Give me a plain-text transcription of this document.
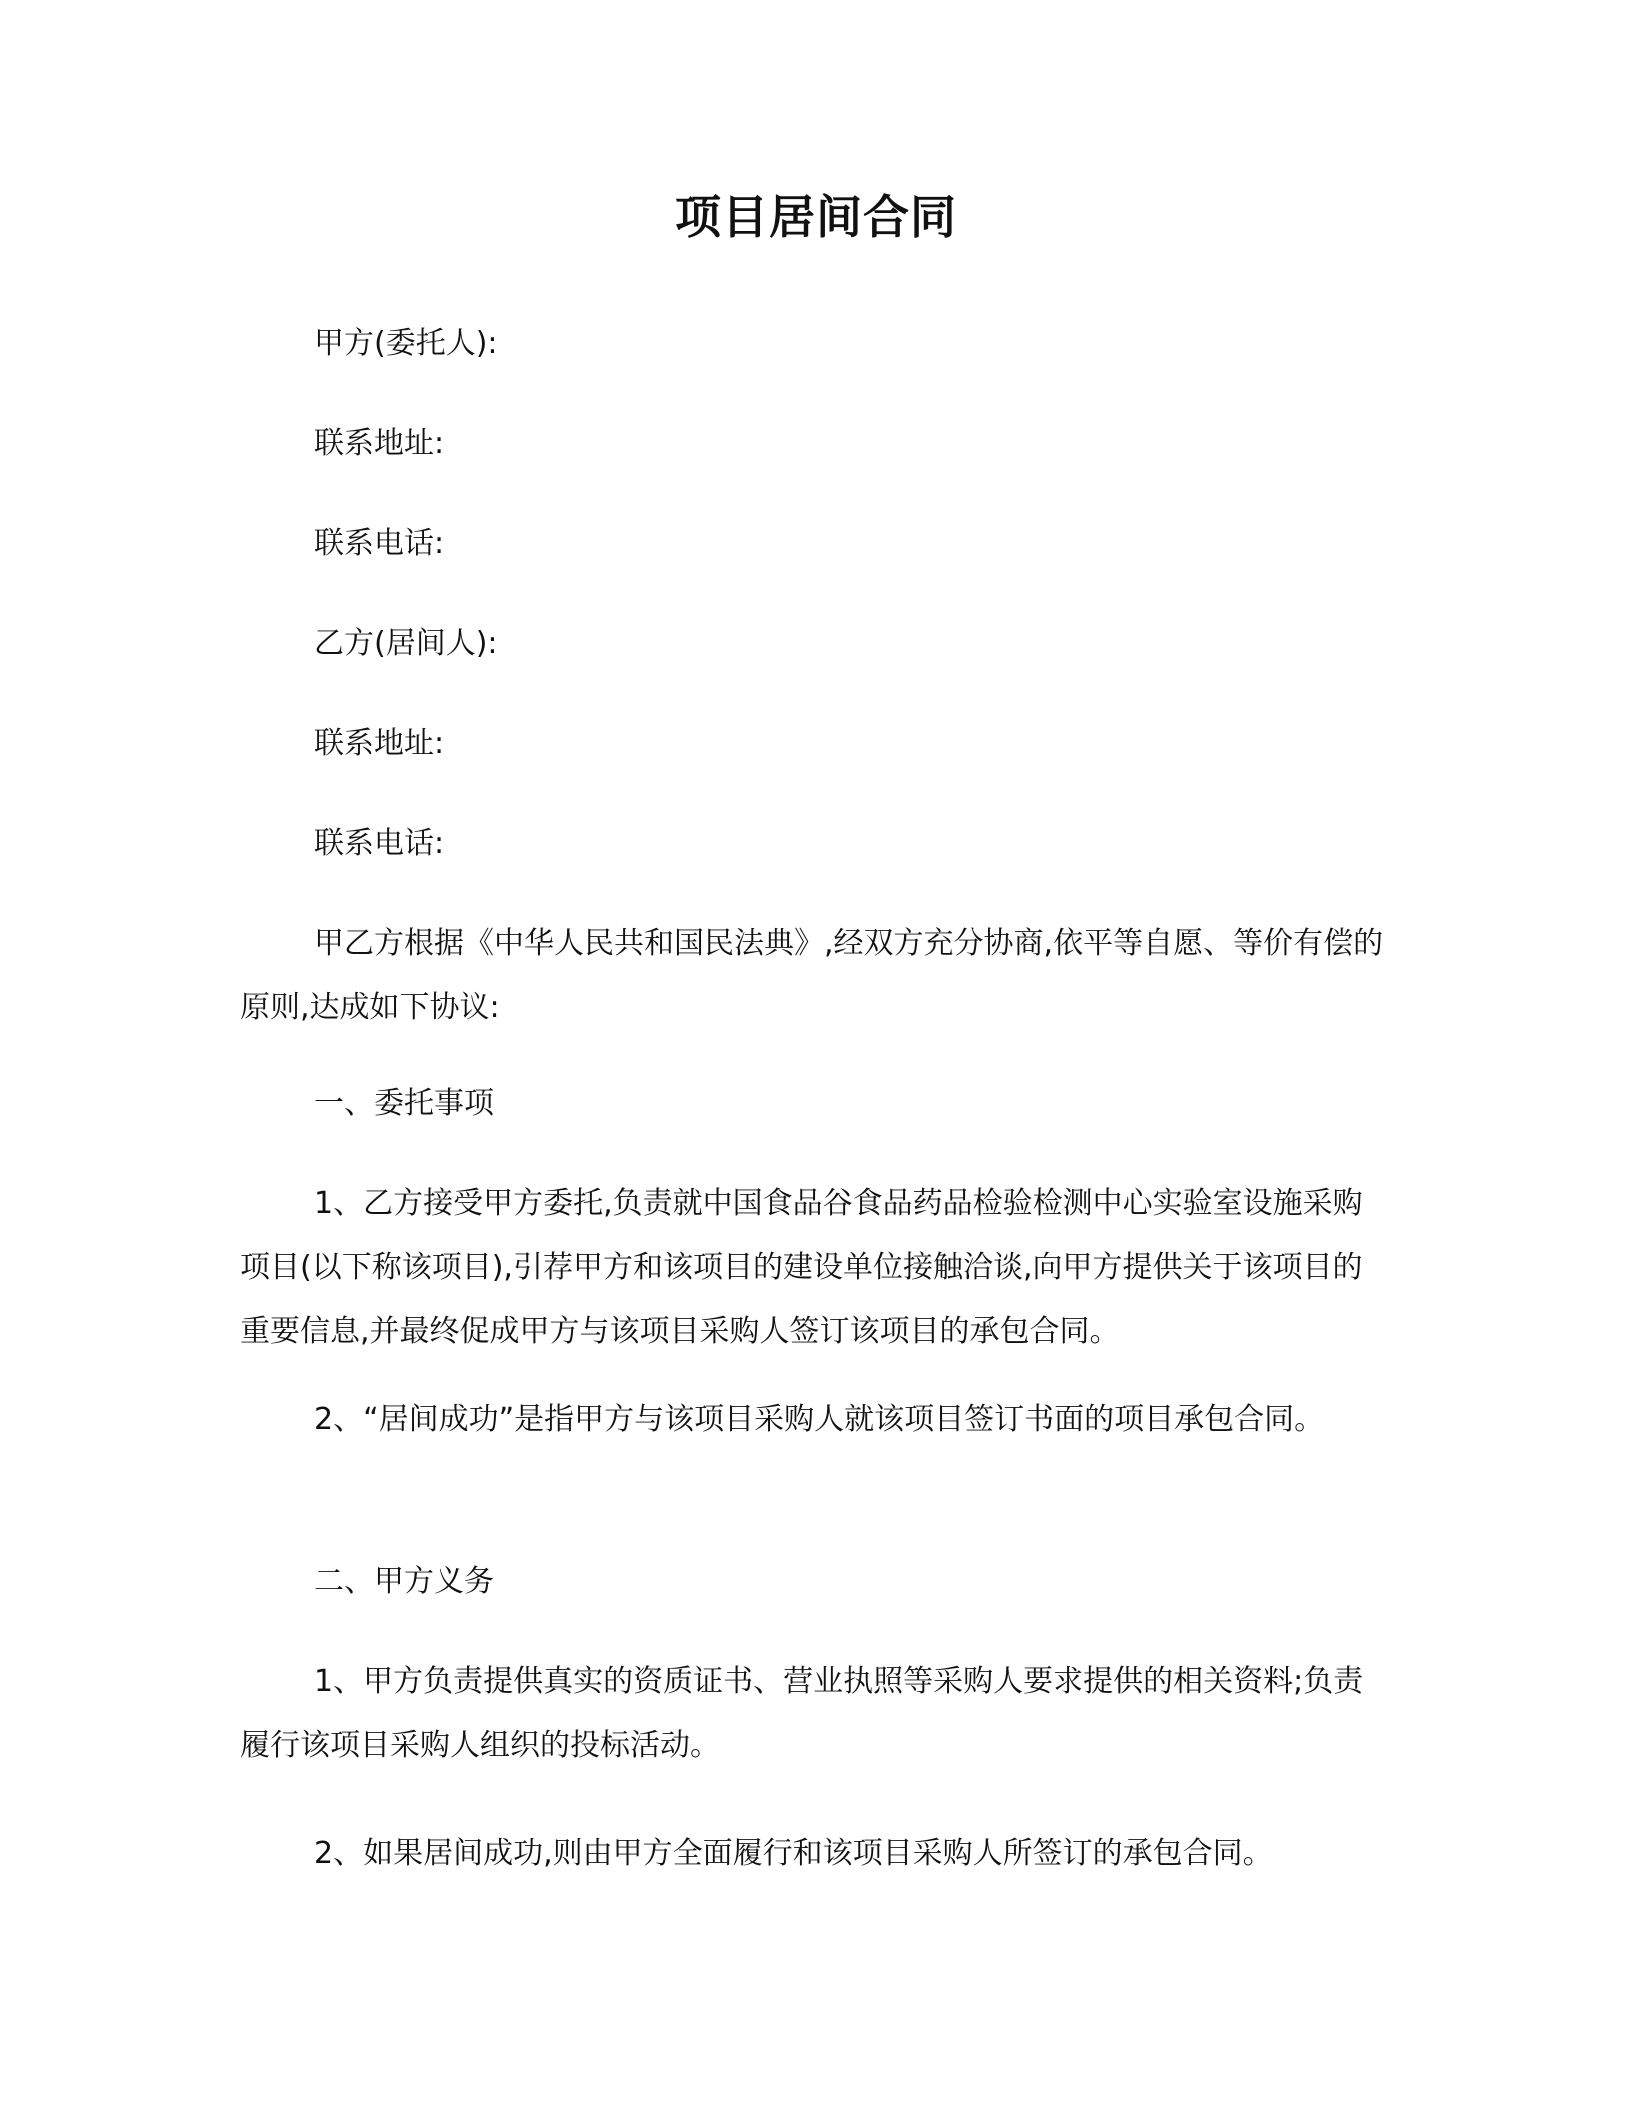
项目居间合同

甲方(委托人):

联系地址:

联系电话:

乙方(居间人):

联系地址:

联系电话:

甲乙方根据《中华人民共和国民法典》,经双方充分协商,依平等自愿、等价有偿的原则,达成如下协议:

一、委托事项

1、乙方接受甲方委托,负责就中国食品谷食品药品检验检测中心实验室设施采购项目(以下称该项目),引荐甲方和该项目的建设单位接触洽谈,向甲方提供关于该项目的重要信息,并最终促成甲方与该项目采购人签订该项目的承包合同。

2、“居间成功”是指甲方与该项目采购人就该项目签订书面的项目承包合同。

二、甲方义务

1、甲方负责提供真实的资质证书、营业执照等采购人要求提供的相关资料;负责履行该项目采购人组织的投标活动。

2、如果居间成功,则由甲方全面履行和该项目采购人所签订的承包合同。
